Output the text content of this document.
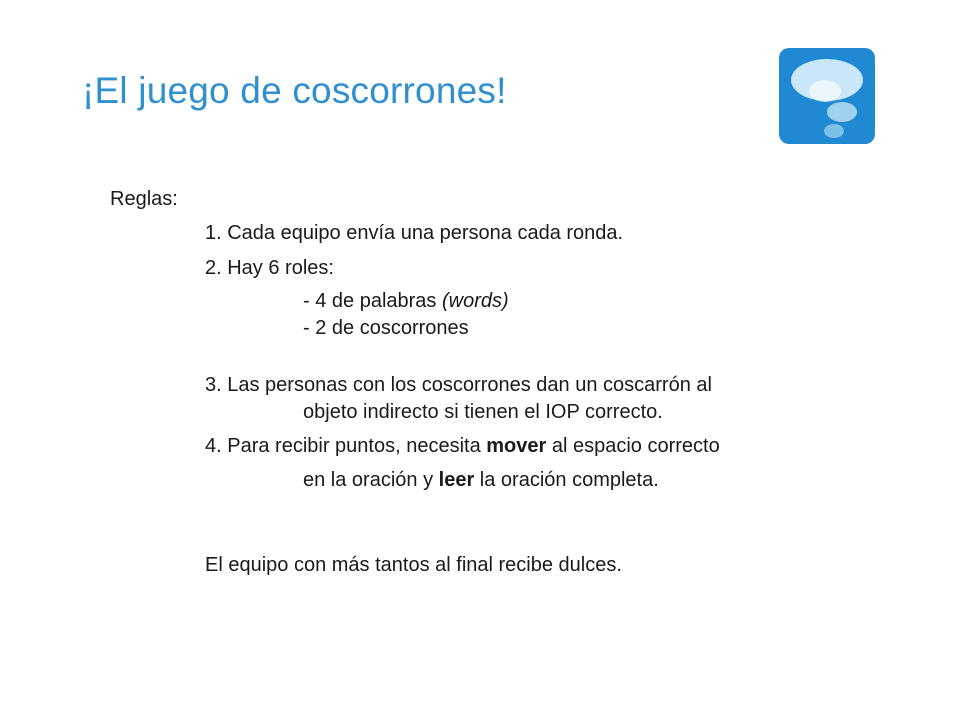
¡El juego de coscorrones!
Reglas:
1. Cada equipo envía una persona cada ronda.
2. Hay 6 roles:
- 4 de palabras (words)
- 2 de coscorrones
3. Las personas con los coscorrones dan un coscarrón al
objeto indirecto si tienen el IOP correcto.
4. Para recibir puntos, necesita mover al espacio correcto
en la oración y leer la oración completa.
El equipo con más tantos al final recibe dulces.
